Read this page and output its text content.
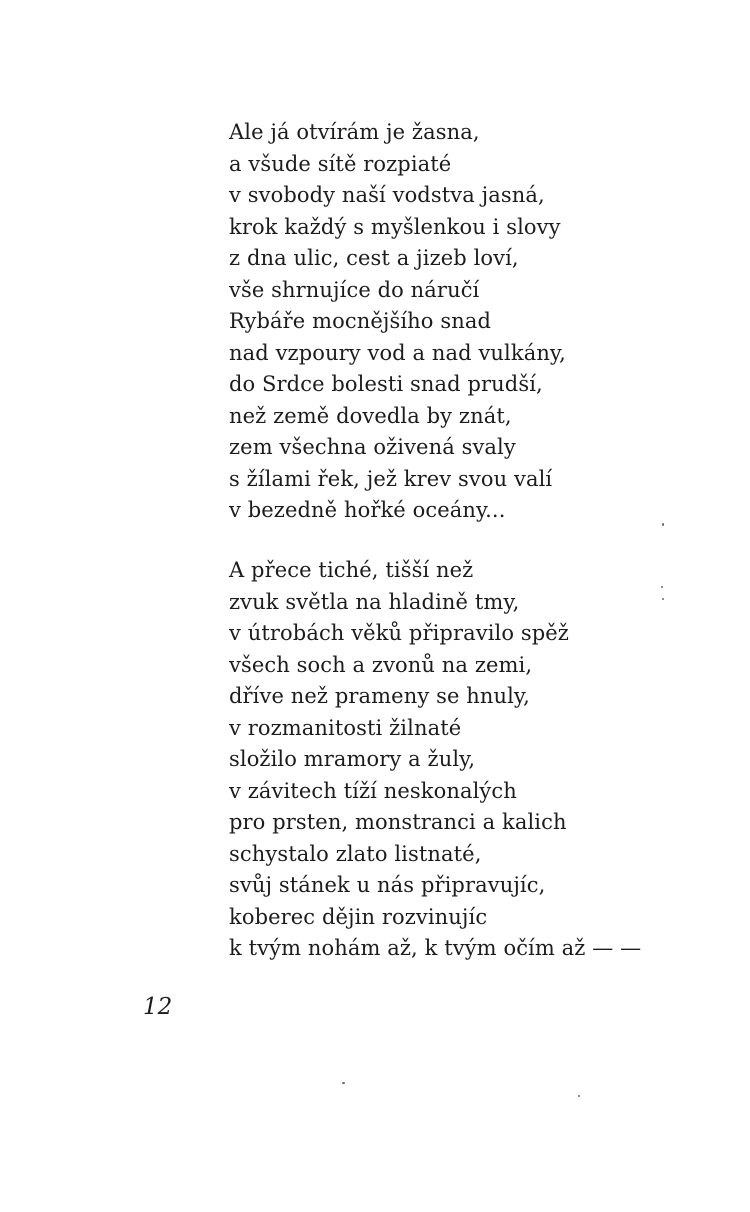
Ale já otvírám je žasna,
a všude sítě rozpiaté
v svobody naší vodstva jasná,
krok každý s myšlenkou i slovy
z dna ulic, cest a jizeb loví,
vše shrnujíce do náručí
Rybáře mocnějšího snad
nad vzpoury vod a nad vulkány,
do Srdce bolesti snad prudší,
než země dovedla by znát,
zem všechna oživená svaly
s žílami řek, jež krev svou valí
v bezedně hořké oceány...
A přece tiché, tišší než
zvuk světla na hladině tmy,
v útrobách věků připravilo spěž
všech soch a zvonů na zemi,
dříve než prameny se hnuly,
v rozmanitosti žilnaté
složilo mramory a žuly,
v závitech tíží neskonalých
pro prsten, monstranci a kalich
schystalo zlato listnaté,
svůj stánek u nás připravujíc,
koberec dějin rozvinujíc
k tvým nohám až, k tvým očím až — —
12
